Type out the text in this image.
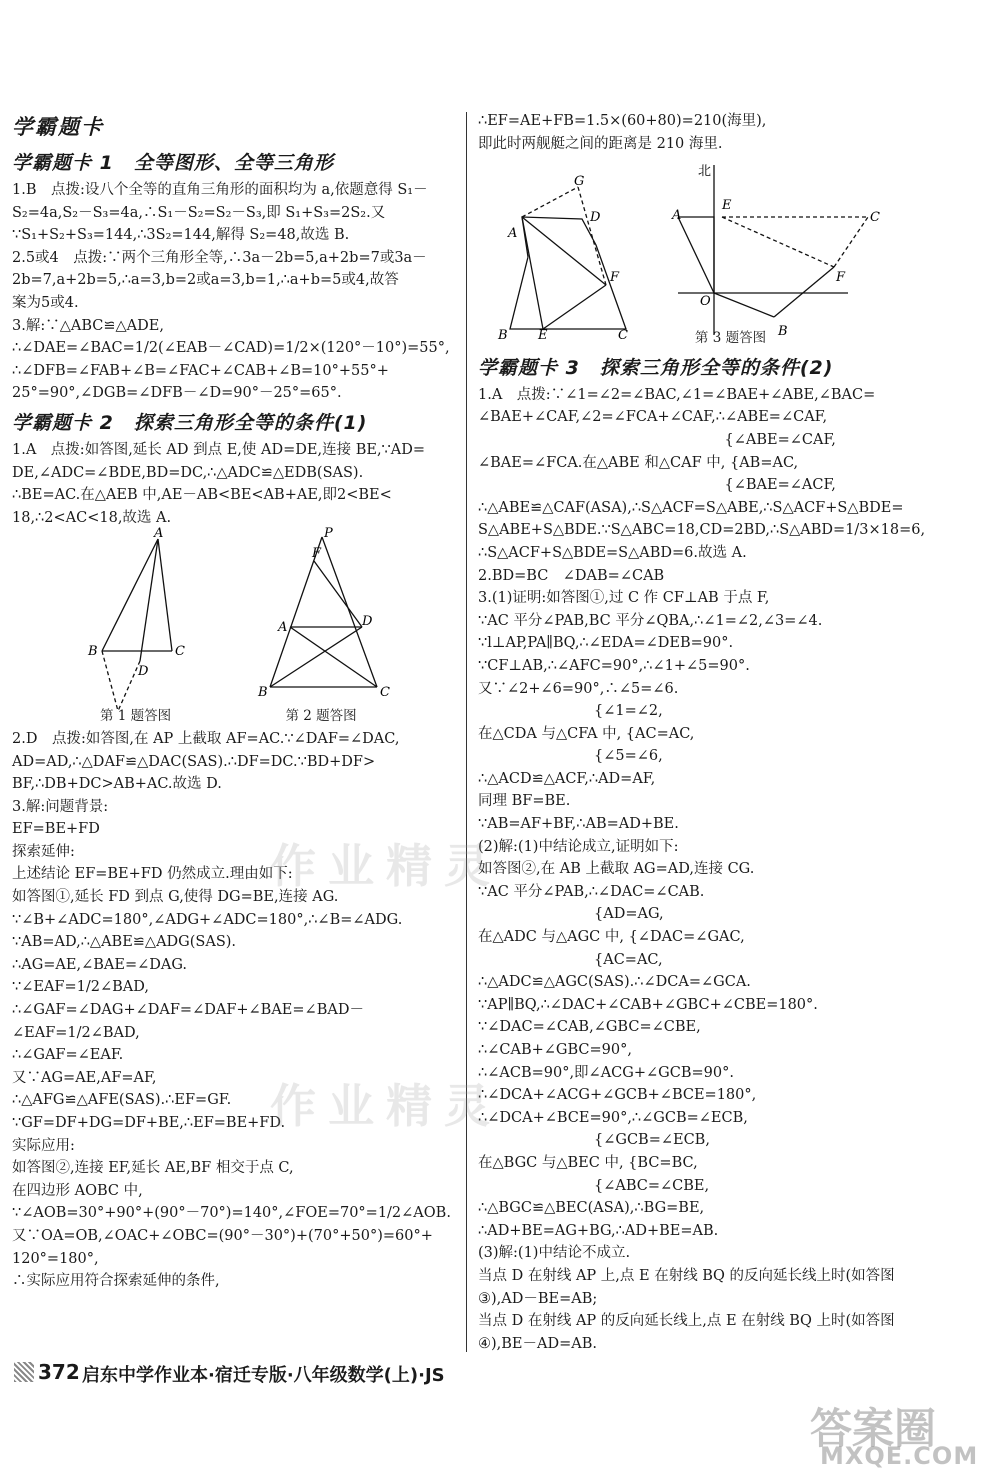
学霸题卡
学霸题卡 1　全等图形、全等三角形
1.B　点拨:设八个全等的直角三角形的面积均为 a,依题意得 S₁－
S₂=4a,S₂－S₃=4a,∴S₁－S₂=S₂－S₃,即 S₁+S₃=2S₂.又
∵S₁+S₂+S₃=144,∴3S₂=144,解得 S₂=48,故选 B.
2.5或4　点拨:∵两个三角形全等,∴3a－2b=5,a+2b=7或3a－
2b=7,a+2b=5,∴a=3,b=2或a=3,b=1,∴a+b=5或4,故答
案为5或4.
3.解:∵△ABC≌△ADE,
∴∠DAE=∠BAC=1/2(∠EAB－∠CAD)=1/2×(120°－10°)=55°,
∴∠DFB=∠FAB+∠B=∠FAC+∠CAB+∠B=10°+55°+
25°=90°,∠DGB=∠DFB－∠D=90°－25°=65°.
学霸题卡 2　探索三角形全等的条件(1)
1.A　点拨:如答图,延长 AD 到点 E,使 AD=DE,连接 BE,∵AD=
DE,∠ADC=∠BDE,BD=DC,∴△ADC≌△EDB(SAS).
∴BE=AC.在△AEB 中,AE－AB<BE<AB+AE,即2<BE<
18,∴2<AC<18,故选 A.
A
B	C
D
P
F
A	D
B	C
第 1 题答图	第 2 题答图
2.D　点拨:如答图,在 AP 上截取 AF=AC.∵∠DAF=∠DAC,
AD=AD,∴△DAF≌△DAC(SAS).∴DF=DC.∵BD+DF>
BF,∴DB+DC>AB+AC.故选 D.
3.解:问题背景:
EF=BE+FD
探索延伸:
上述结论 EF=BE+FD 仍然成立.理由如下:
如答图①,延长 FD 到点 G,使得 DG=BE,连接 AG.
∵∠B+∠ADC=180°,∠ADG+∠ADC=180°,∴∠B=∠ADG.
∵AB=AD,∴△ABE≌△ADG(SAS).
∴AG=AE,∠BAE=∠DAG.
∵∠EAF=1/2∠BAD,
∴∠GAF=∠DAG+∠DAF=∠DAF+∠BAE=∠BAD－
∠EAF=1/2∠BAD,
∴∠GAF=∠EAF.
又∵AG=AE,AF=AF,
∴△AFG≌△AFE(SAS).∴EF=GF.
∵GF=DF+DG=DF+BE,∴EF=BE+FD.
实际应用:
如答图②,连接 EF,延长 AE,BF 相交于点 C,
在四边形 AOBC 中,
∵∠AOB=30°+90°+(90°－70°)=140°,∠FOE=70°=1/2∠AOB.
又∵OA=OB,∠OAC+∠OBC=(90°－30°)+(70°+50°)=60°+
120°=180°,
∴实际应用符合探索延伸的条件,
∴EF=AE+FB=1.5×(60+80)=210(海里),
即此时两舰艇之间的距离是 210 海里.
G
D
A
F
B E	C
E
A	C
F
O
B
北
第 3 题答图
学霸题卡 3　探索三角形全等的条件(2)
1.A　点拨:∵∠1=∠2=∠BAC,∠1=∠BAE+∠ABE,∠BAC=
∠BAE+∠CAF,∠2=∠FCA+∠CAF,∴∠ABE=∠CAF,
　　　　　　　　　　　　　　　　　{∠ABE=∠CAF,
∠BAE=∠FCA.在△ABE 和△CAF 中, {AB=AC,
　　　　　　　　　　　　　　　　　{∠BAE=∠ACF,
∴△ABE≌△CAF(ASA),∴S△ACF=S△ABE,∴S△ACF+S△BDE=
S△ABE+S△BDE.∵S△ABC=18,CD=2BD,∴S△ABD=1/3×18=6,
∴S△ACF+S△BDE=S△ABD=6.故选 A.
2.BD=BC　∠DAB=∠CAB
3.(1)证明:如答图①,过 C 作 CF⊥AB 于点 F,
∵AC 平分∠PAB,BC 平分∠QBA,∴∠1=∠2,∠3=∠4.
∵l⊥AP,PA∥BQ,∴∠EDA=∠DEB=90°.
∵CF⊥AB,∴∠AFC=90°,∴∠1+∠5=90°.
又∵∠2+∠6=90°,∴∠5=∠6.
　　　　　　　　{∠1=∠2,
在△CDA 与△CFA 中, {AC=AC,
　　　　　　　　{∠5=∠6,
∴△ACD≌△ACF,∴AD=AF,
同理 BF=BE.
∵AB=AF+BF,∴AB=AD+BE.
(2)解:(1)中结论成立,证明如下:
如答图②,在 AB 上截取 AG=AD,连接 CG.
∵AC 平分∠PAB,∴∠DAC=∠CAB.
　　　　　　　　{AD=AG,
在△ADC 与△AGC 中, {∠DAC=∠GAC,
　　　　　　　　{AC=AC,
∴△ADC≌△AGC(SAS).∴∠DCA=∠GCA.
∵AP∥BQ,∴∠DAC+∠CAB+∠GBC+∠CBE=180°.
∵∠DAC=∠CAB,∠GBC=∠CBE,
∴∠CAB+∠GBC=90°,
∴∠ACB=90°,即∠ACG+∠GCB=90°.
∴∠DCA+∠ACG+∠GCB+∠BCE=180°,
∴∠DCA+∠BCE=90°,∴∠GCB=∠ECB,
　　　　　　　　{∠GCB=∠ECB,
在△BGC 与△BEC 中, {BC=BC,
　　　　　　　　{∠ABC=∠CBE,
∴△BGC≌△BEC(ASA),∴BG=BE,
∴AD+BE=AG+BG,∴AD+BE=AB.
(3)解:(1)中结论不成立.
当点 D 在射线 AP 上,点 E 在射线 BQ 的反向延长线上时(如答图
③),AD－BE=AB;
当点 D 在射线 AP 的反向延长线上,点 E 在射线 BQ 上时(如答图
④),BE－AD=AB.
作业精灵
作业精灵
372 启东中学作业本·宿迁专版·八年级数学(上)·JS
答案圈
MXQE.COM
